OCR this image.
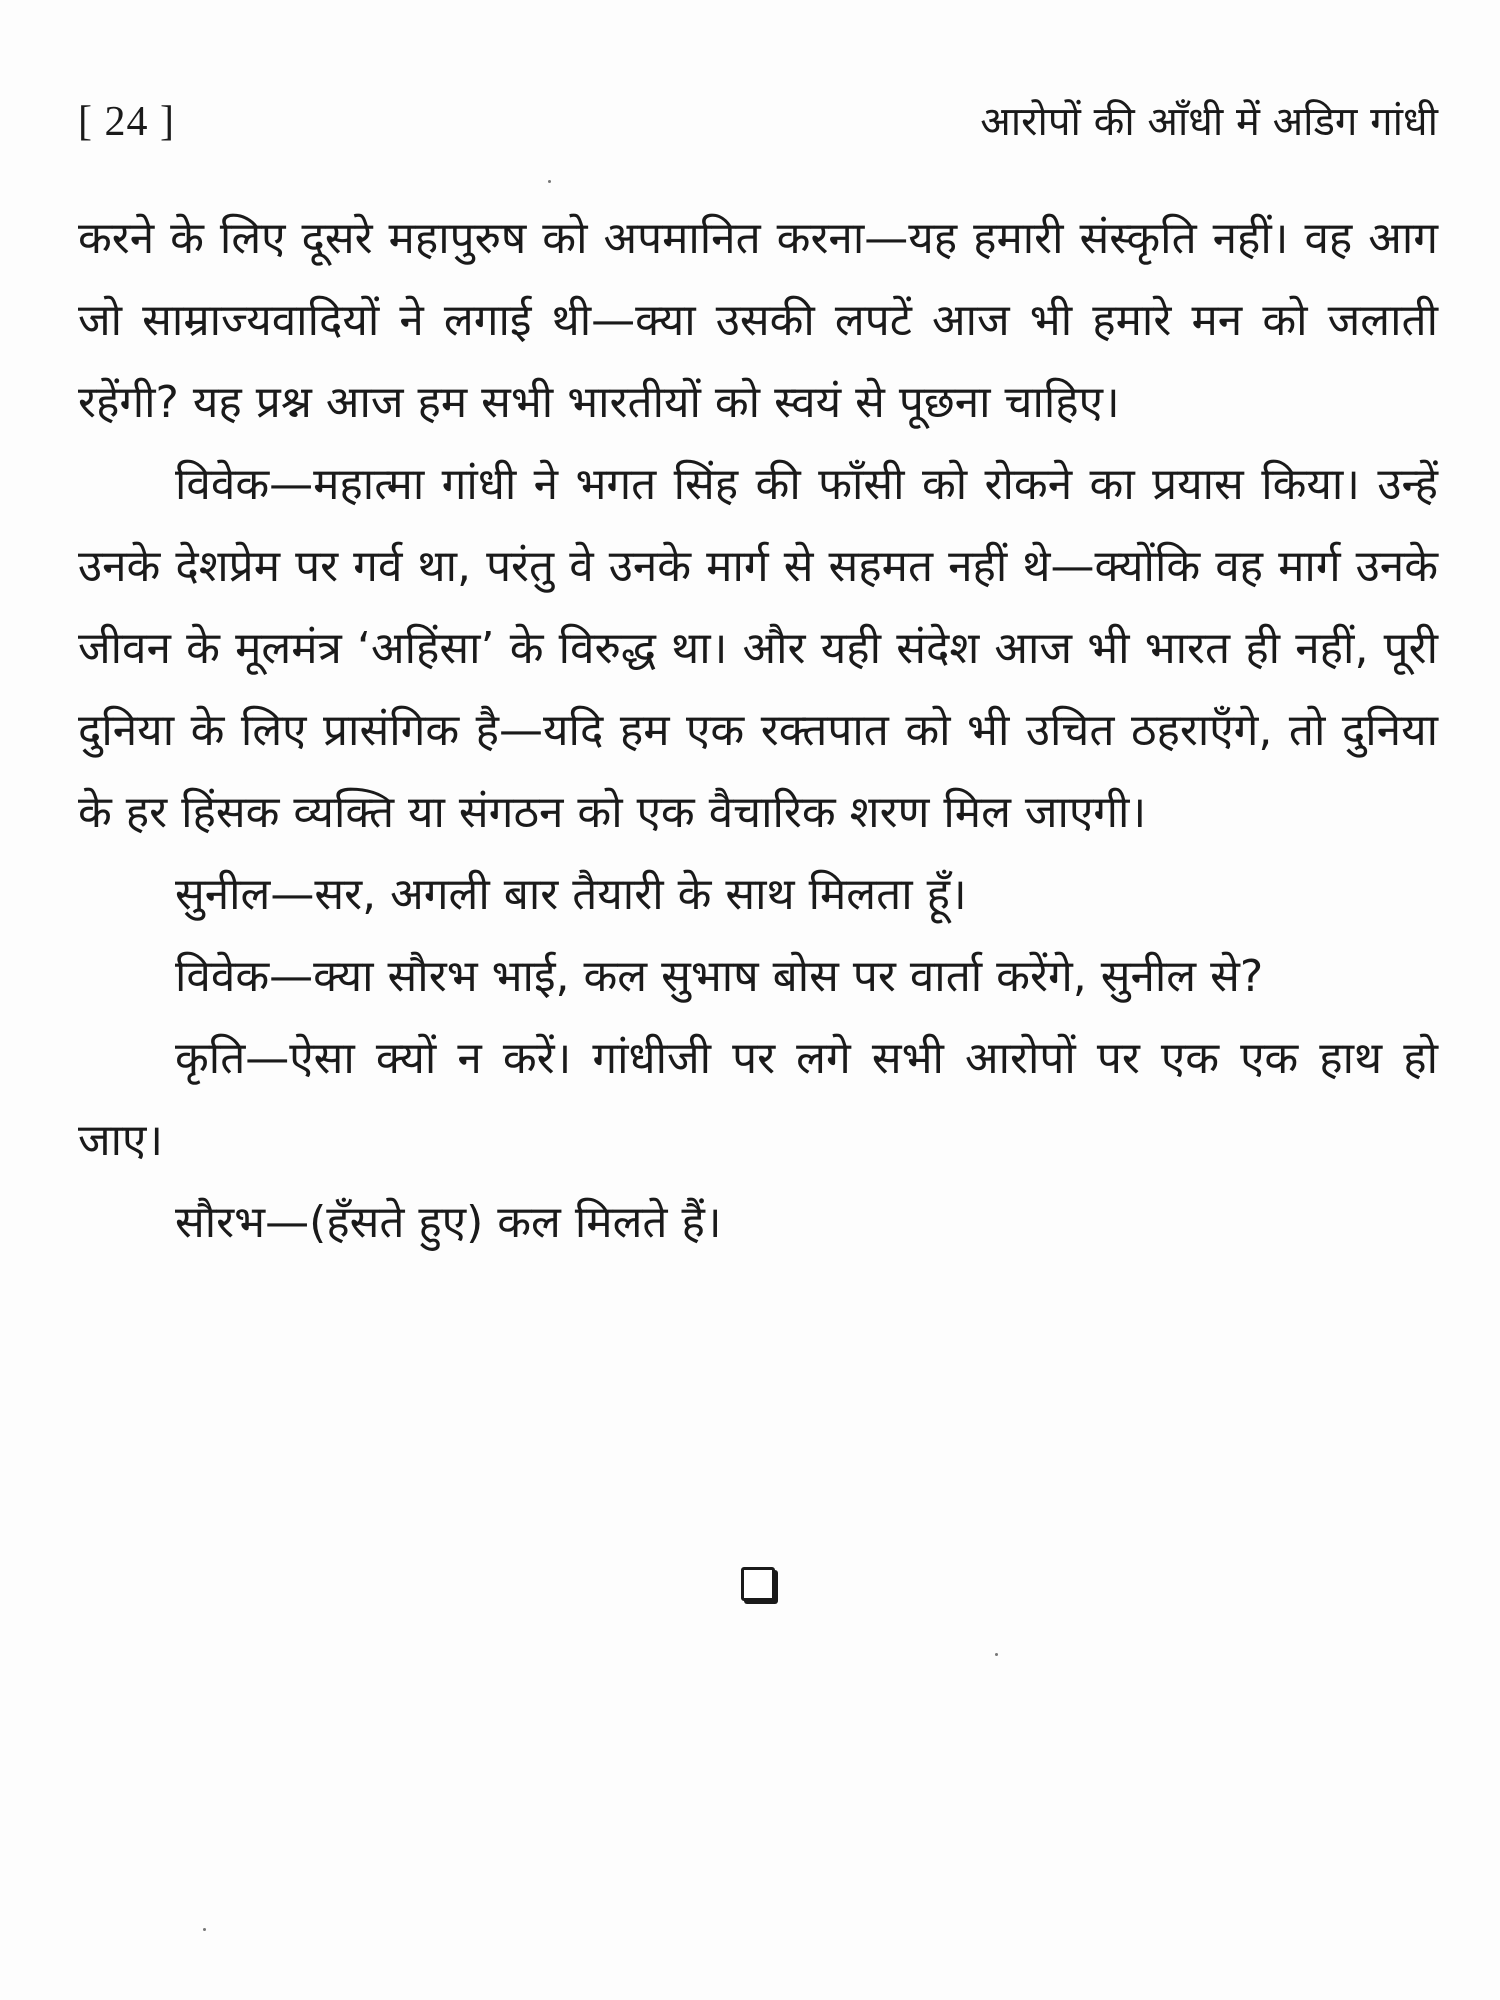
[ 24 ]	आरोपों की आँधी में अडिग गांधी

करने के लिए दूसरे महापुरुष को अपमानित करना—यह हमारी संस्कृति नहीं। वह आग जो साम्राज्यवादियों ने लगाई थी—क्या उसकी लपटें आज भी हमारे मन को जलाती रहेंगी? यह प्रश्न आज हम सभी भारतीयों को स्वयं से पूछना चाहिए।

विवेक—महात्मा गांधी ने भगत सिंह की फाँसी को रोकने का प्रयास किया। उन्हें उनके देशप्रेम पर गर्व था, परंतु वे उनके मार्ग से सहमत नहीं थे—क्योंकि वह मार्ग उनके जीवन के मूलमंत्र ‘अहिंसा’ के विरुद्ध था। और यही संदेश आज भी भारत ही नहीं, पूरी दुनिया के लिए प्रासंगिक है—यदि हम एक रक्तपात को भी उचित ठहराएँगे, तो दुनिया के हर हिंसक व्यक्ति या संगठन को एक वैचारिक शरण मिल जाएगी।

सुनील—सर, अगली बार तैयारी के साथ मिलता हूँ।

विवेक—क्या सौरभ भाई, कल सुभाष बोस पर वार्ता करेंगे, सुनील से?

कृति—ऐसा क्यों न करें। गांधीजी पर लगे सभी आरोपों पर एक एक हाथ हो जाए।

सौरभ—(हँसते हुए) कल मिलते हैं।
